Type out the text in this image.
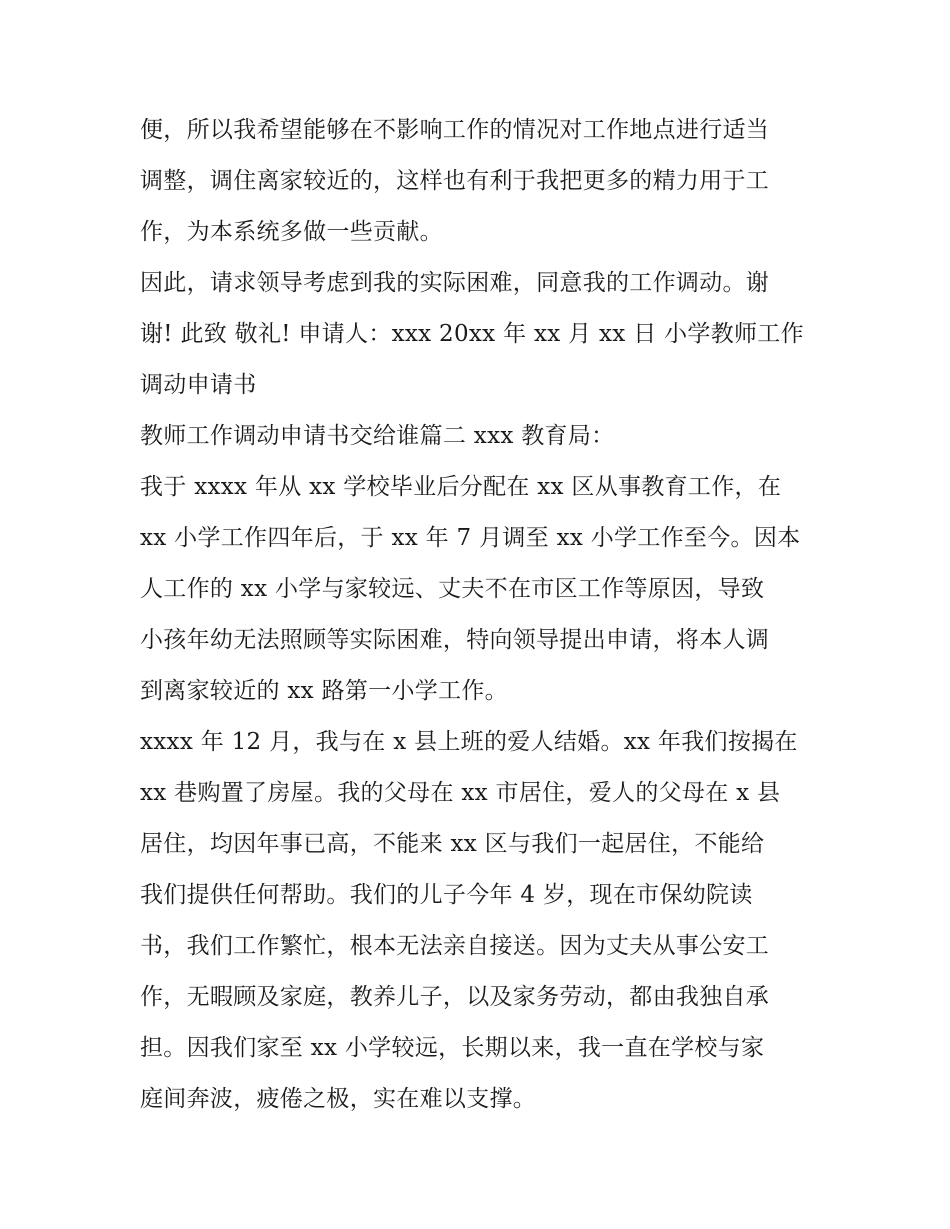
便，所以我希望能够在不影响工作的情况对工作地点进行适当
调整，调住离家较近的，这样也有利于我把更多的精力用于工
作，为本系统多做一些贡献。
因此，请求领导考虑到我的实际困难，同意我的工作调动。谢
谢! 此致 敬礼! 申请人：xxx 20xx 年 xx 月 xx 日 小学教师工作
调动申请书
教师工作调动申请书交给谁篇二 xxx 教育局：
我于 xxxx 年从 xx 学校毕业后分配在 xx 区从事教育工作，在
xx 小学工作四年后，于 xx 年 7 月调至 xx 小学工作至今。因本
人工作的 xx 小学与家较远、丈夫不在市区工作等原因，导致
小孩年幼无法照顾等实际困难，特向领导提出申请，将本人调
到离家较近的 xx 路第一小学工作。
xxxx 年 12 月，我与在 x 县上班的爱人结婚。xx 年我们按揭在
xx 巷购置了房屋。我的父母在 xx 市居住，爱人的父母在 x 县
居住，均因年事已高，不能来 xx 区与我们一起居住，不能给
我们提供任何帮助。我们的儿子今年 4 岁，现在市保幼院读
书，我们工作繁忙，根本无法亲自接送。因为丈夫从事公安工
作，无暇顾及家庭，教养儿子，以及家务劳动，都由我独自承
担。因我们家至 xx 小学较远，长期以来，我一直在学校与家
庭间奔波，疲倦之极，实在难以支撑。
